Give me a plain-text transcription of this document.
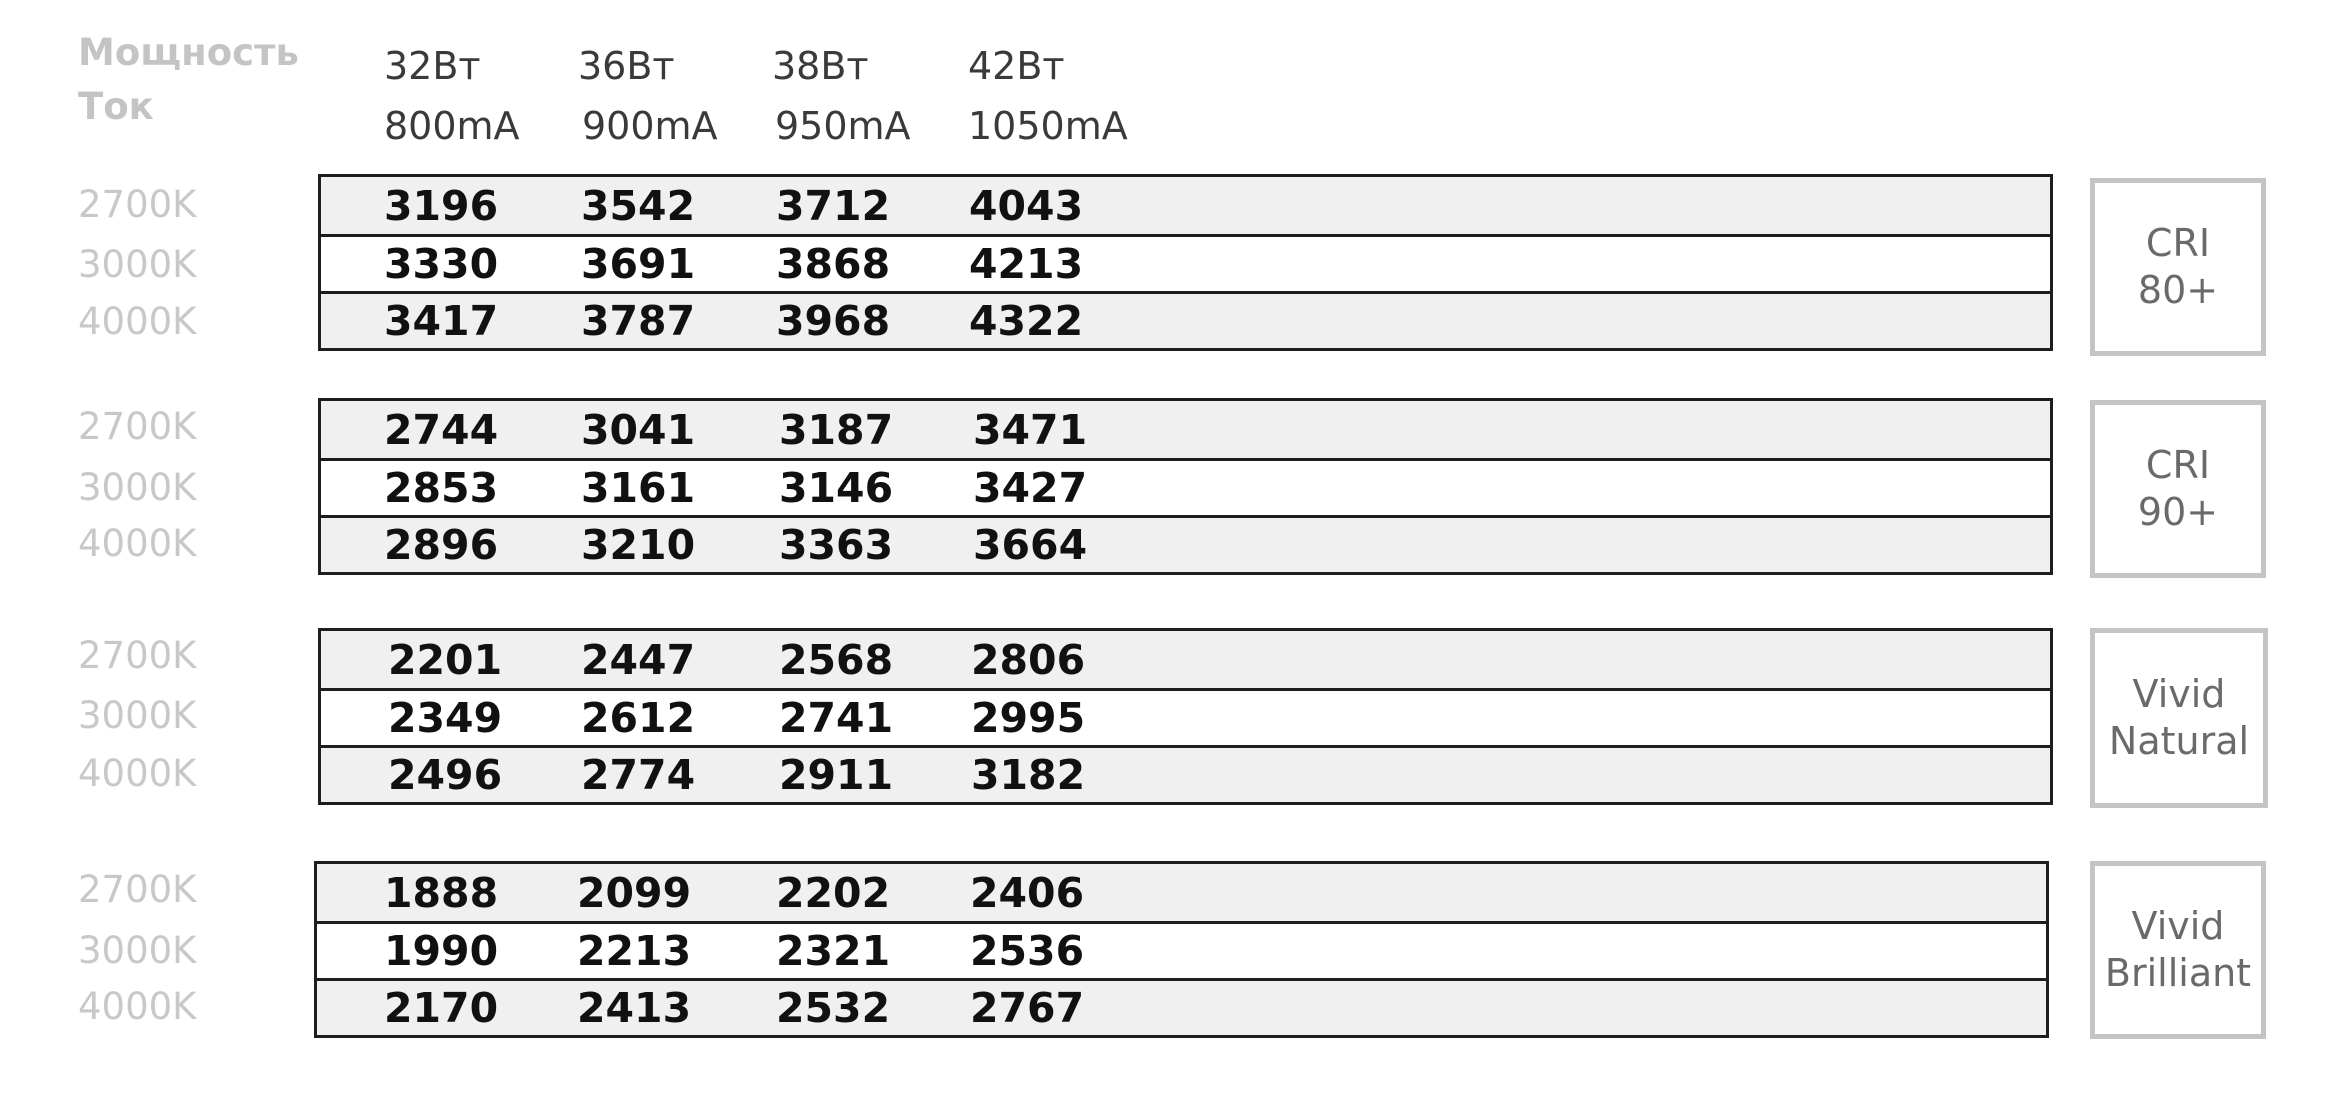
Мощность
Ток
32Вт
800mA
36Вт
900mA
38Вт
950mA
42Вт
1050mA
2700K
3000K
4000K
3196 3542 3712 4043
3330 3691 3868 4213
3417 3787 3968 4322
CRI
80+
2700K
3000K
4000K
2744 3041 3187 3471
2853 3161 3146 3427
2896 3210 3363 3664
CRI
90+
2700K
3000K
4000K
2201 2447 2568 2806
2349 2612 2741 2995
2496 2774 2911 3182
Vivid
Natural
2700K
3000K
4000K
1888 2099 2202 2406
1990 2213 2321 2536
2170 2413 2532 2767
Vivid
Brilliant
